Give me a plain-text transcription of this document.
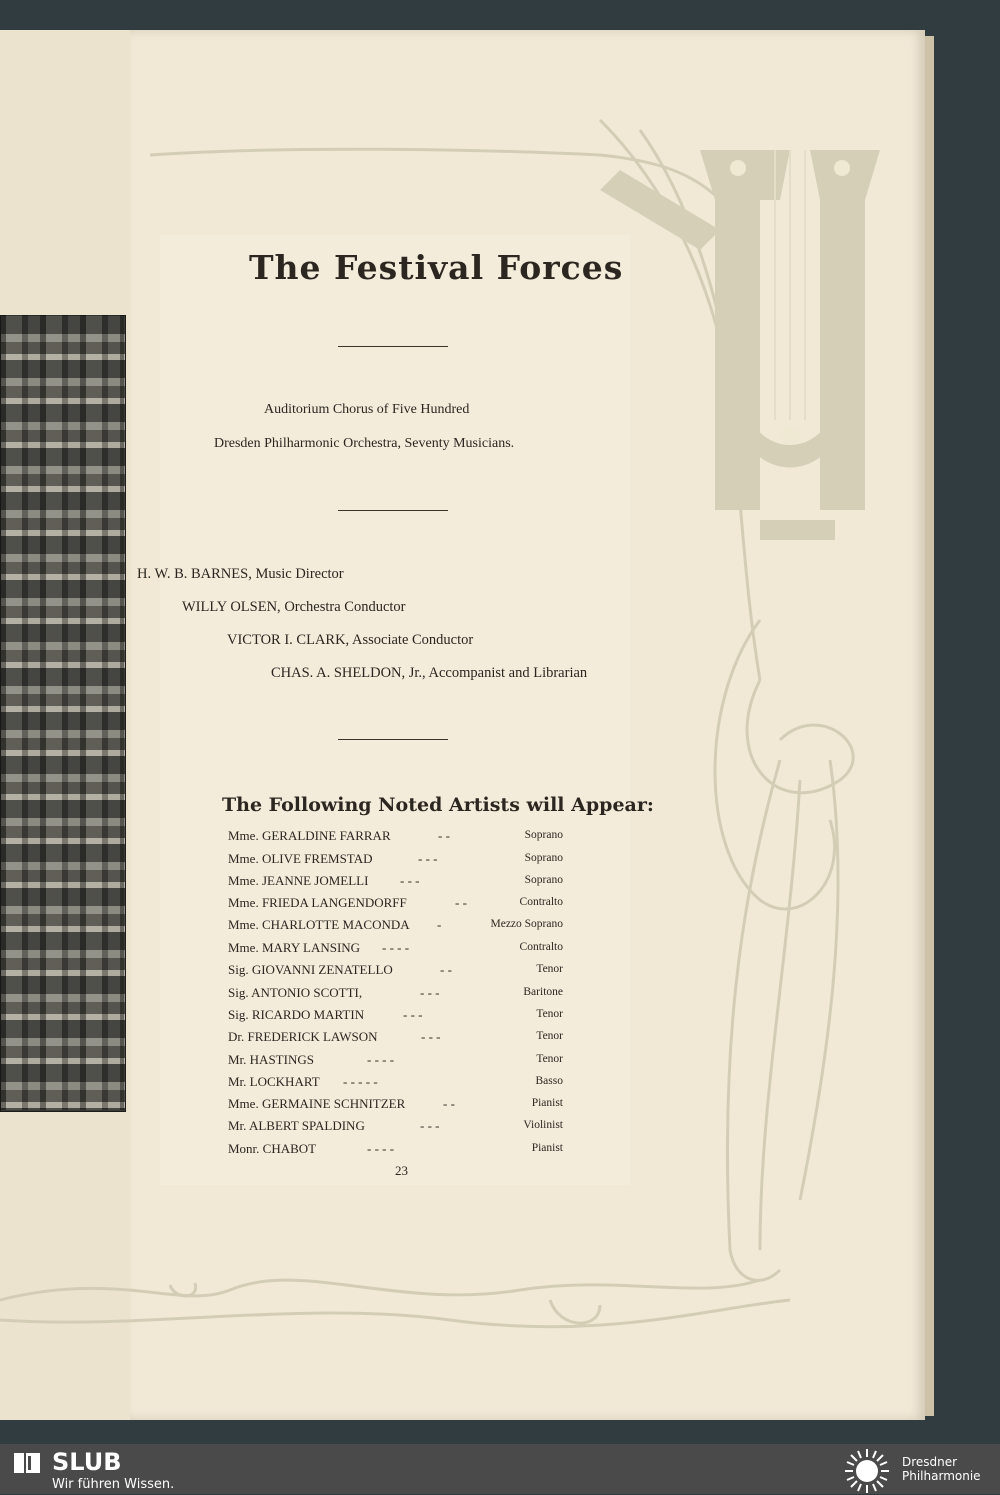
The Festival Forces
Auditorium Chorus of Five Hundred
Dresden Philharmonic Orchestra, Seventy Musicians.
H. W. B. BARNES, Music Director
WILLY OLSEN, Orchestra Conductor
VICTOR I. CLARK, Associate Conductor
CHAS. A. SHELDON, Jr., Accompanist and Librarian
The Following Noted Artists will Appear:
Mme. GERALDINE FARRAR	- -	Soprano
Mme. OLIVE FREMSTAD	- - -	Soprano
Mme. JEANNE JOMELLI - - -	Soprano
Mme. FRIEDA LANGENDORFF	- -	Contralto
Mme. CHARLOTTE MACONDA -	Mezzo Soprano
Mme. MARY LANSING - - - -	Contralto
Sig. GIOVANNI ZENATELLO	- -	Tenor
Sig. ANTONIO SCOTTI,	- - -	Baritone
Sig. RICARDO MARTIN	- - -	Tenor
Dr. FREDERICK LAWSON	- - -	Tenor
Mr. HASTINGS	- - - -	Tenor
Mr. LOCKHART - - - - -	Basso
Mme. GERMAINE SCHNITZER	- -	Pianist
Mr. ALBERT SPALDING	- - -	Violinist
Monr. CHABOT	- - - -	Pianist
23
SLUB
Wir führen Wissen.
Dresdner
Philharmonie
